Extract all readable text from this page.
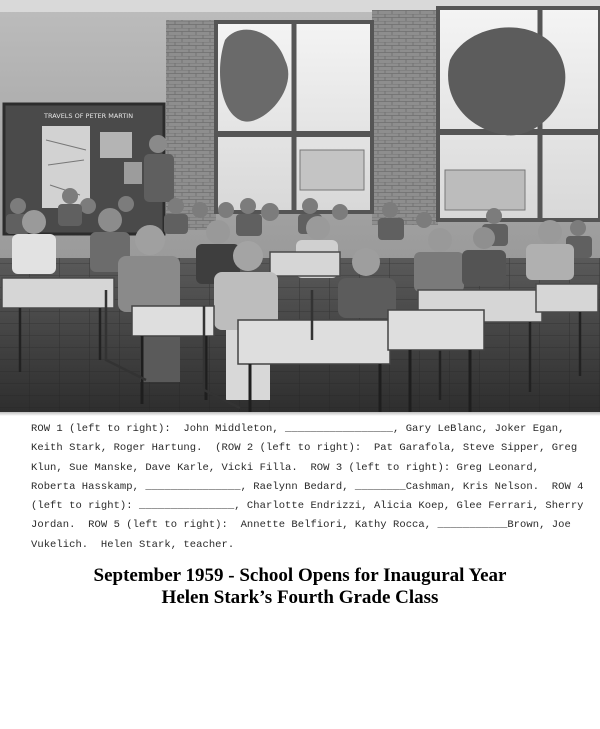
TRAVELS OF PETER MARTIN
ROW 1 (left to right):  John Middleton, _________________, Gary LeBlanc, Joker Egan, Keith Stark, Roger Hartung.  (ROW 2 (left to right):  Pat Garafola, Steve Sipper, Greg Klun, Sue Manske, Dave Karle, Vicki Filla.  ROW 3 (left to right): Greg Leonard, Roberta Hasskamp, _______________, Raelynn Bedard, ________Cashman, Kris Nelson.  ROW 4 (left to right): _______________, Charlotte Endrizzi, Alicia Koep, Glee Ferrari, Sherry Jordan.  ROW 5 (left to right):  Annette Belfiori, Kathy Rocca, ___________Brown, Joe Vukelich.  Helen Stark, teacher.
September 1959 - School Opens for Inaugural Year
Helen Stark’s Fourth Grade Class
